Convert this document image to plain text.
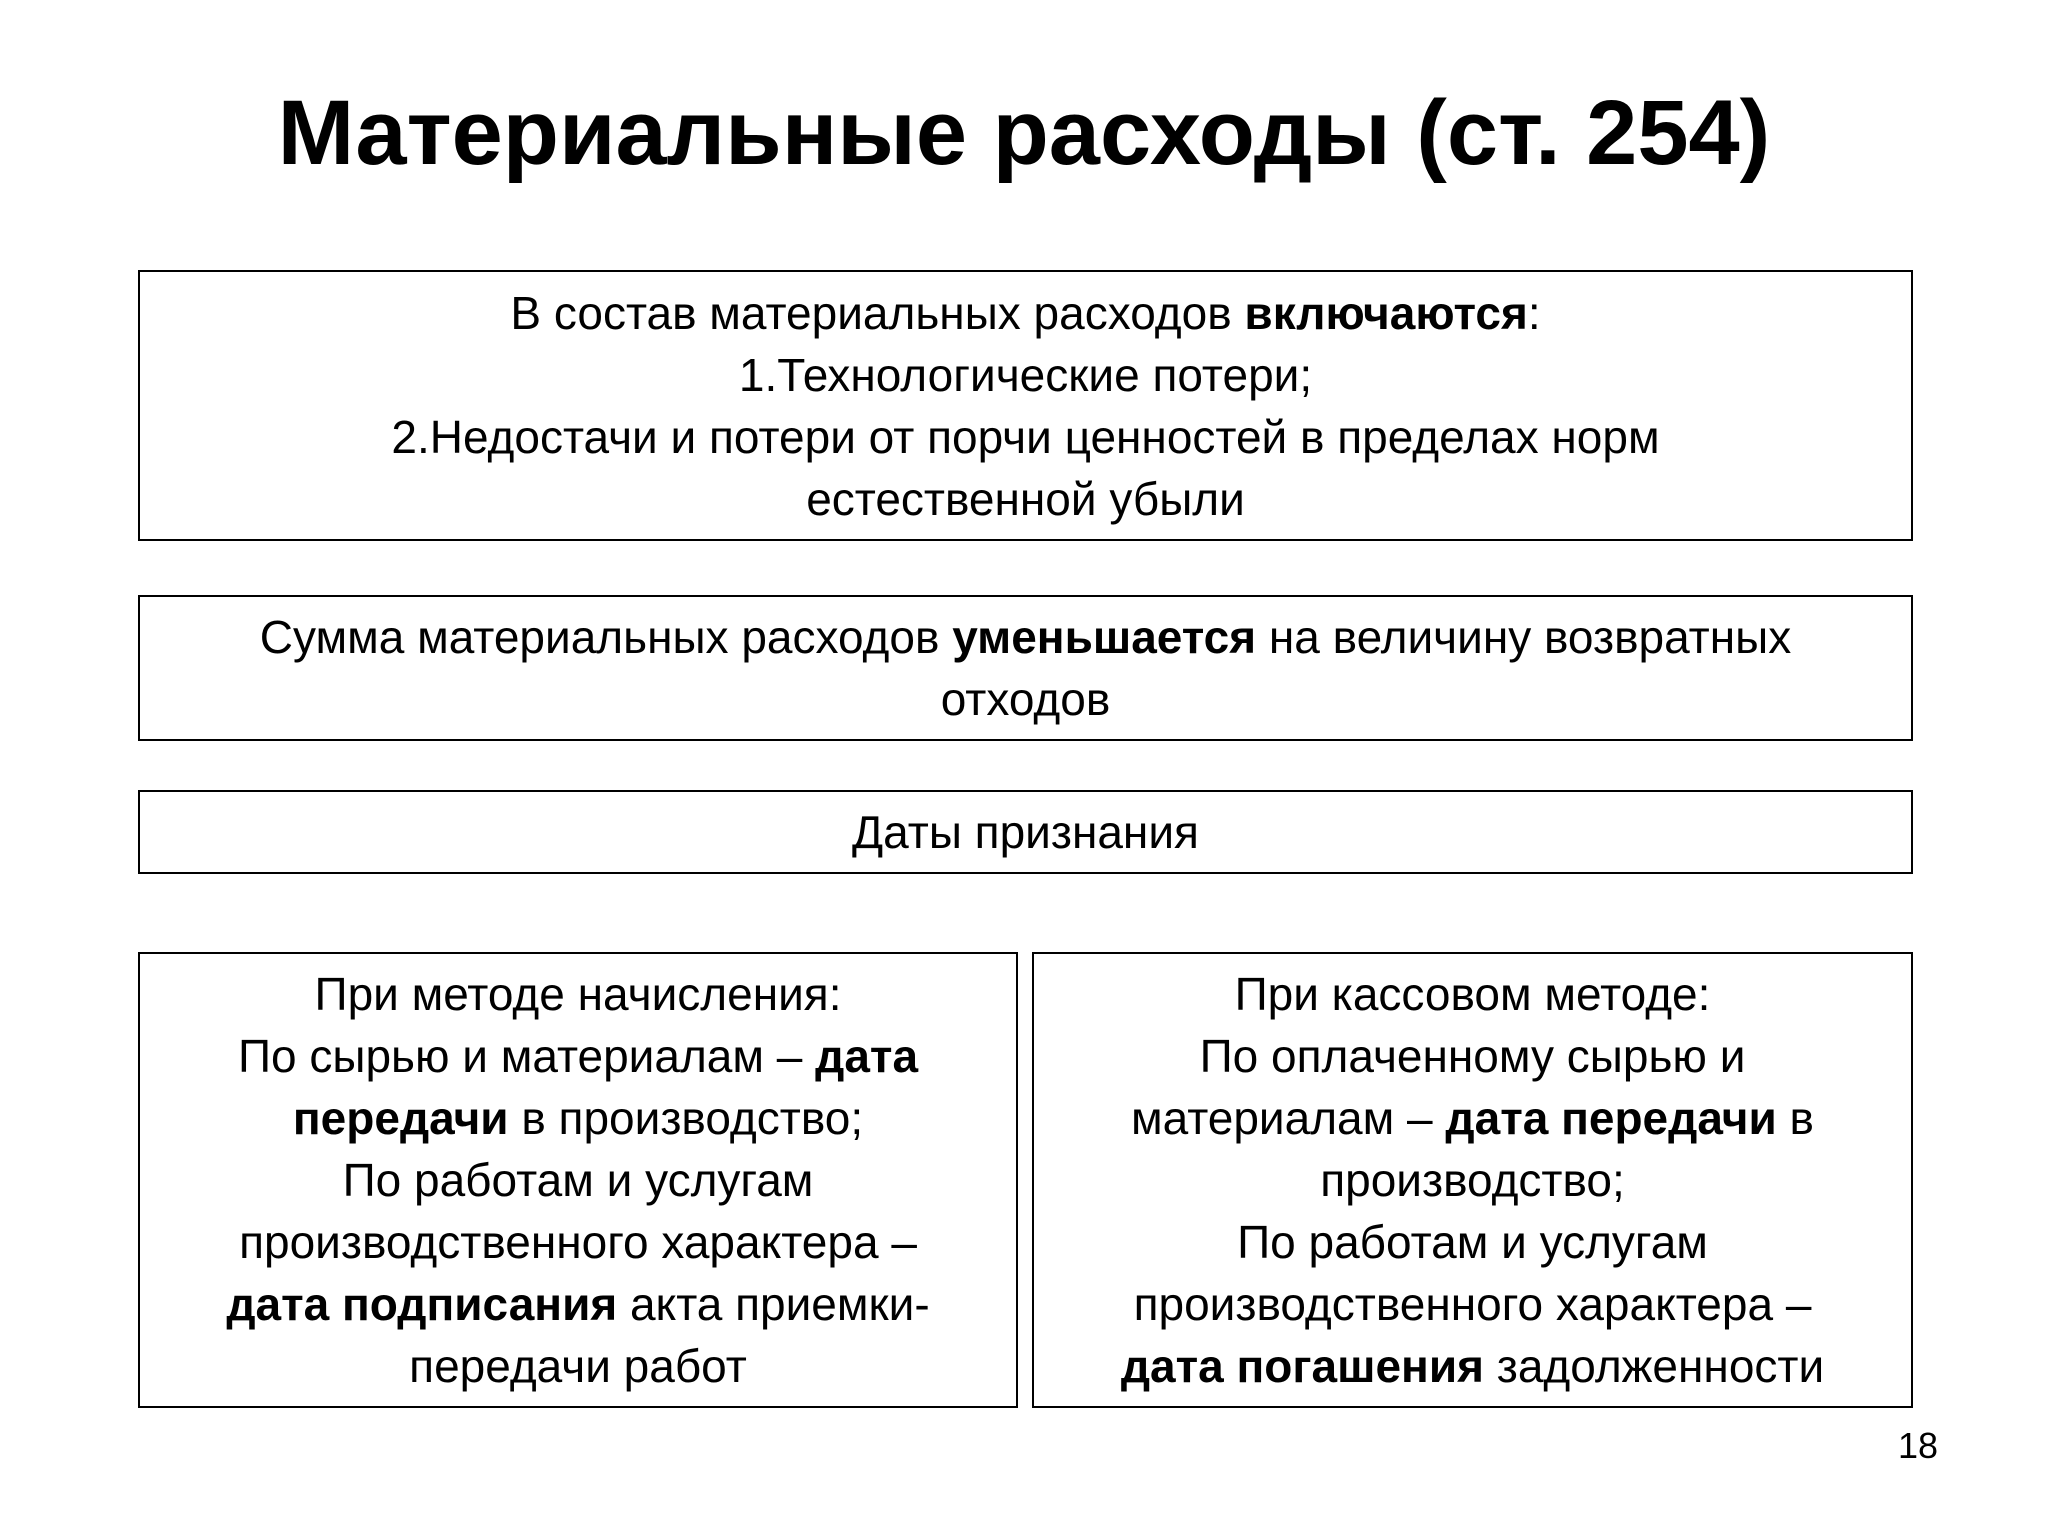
Материальные расходы (ст. 254)
В состав материальных расходов включаются:
1.Технологические потери;
2.Недостачи и потери от порчи ценностей в пределах норм
естественной убыли
Сумма материальных расходов уменьшается на величину возвратных
отходов
Даты признания
При методе начисления:
По сырью и материалам – дата
передачи в производство;
По работам и услугам
производственного характера –
дата подписания акта приемки-
передачи работ
При кассовом методе:
По оплаченному сырью и
материалам – дата передачи в
производство;
По работам и услугам
производственного характера –
дата погашения задолженности
18
